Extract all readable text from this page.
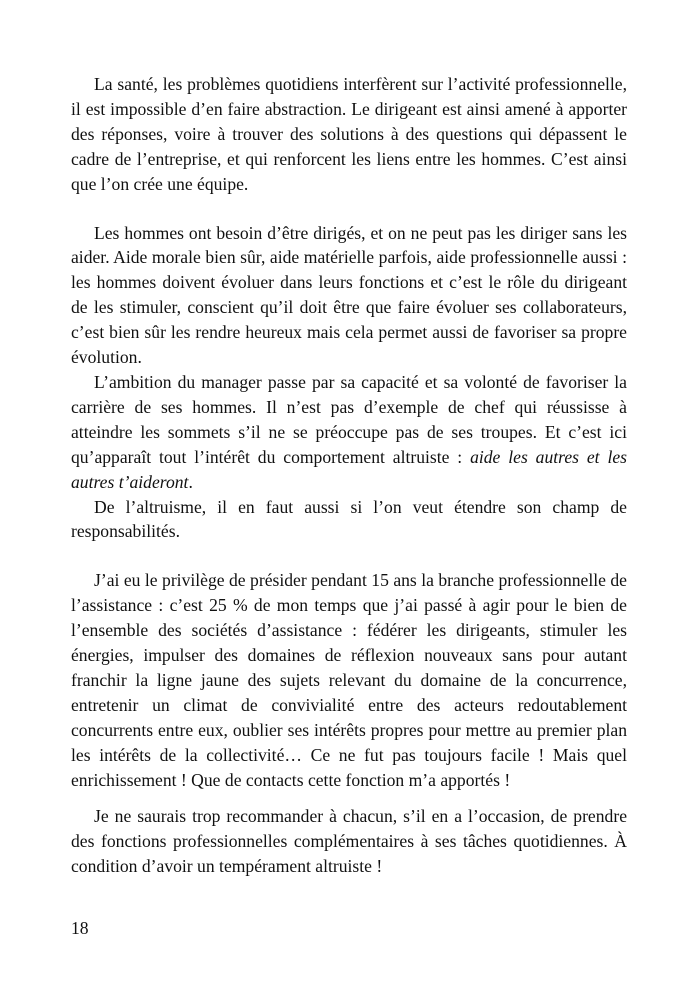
La santé, les problèmes quotidiens interfèrent sur l’activité professionnelle, il est impossible d’en faire abstraction. Le dirigeant est ainsi amené à apporter des réponses, voire à trouver des solutions à des questions qui dépassent le cadre de l’entreprise, et qui renforcent les liens entre les hommes. C’est ainsi que l’on crée une équipe.

Les hommes ont besoin d’être dirigés, et on ne peut pas les diriger sans les aider. Aide morale bien sûr, aide matérielle parfois, aide professionnelle aussi : les hommes doivent évoluer dans leurs fonctions et c’est le rôle du dirigeant de les stimuler, conscient qu’il doit être que faire évoluer ses collaborateurs, c’est bien sûr les rendre heureux mais cela permet aussi de favoriser sa propre évolution.

L’ambition du manager passe par sa capacité et sa volonté de favoriser la carrière de ses hommes. Il n’est pas d’exemple de chef qui réussisse à atteindre les sommets s’il ne se préoccupe pas de ses troupes. Et c’est ici qu’apparaît tout l’intérêt du comportement altruiste : aide les autres et les autres t’aideront.

De l’altruisme, il en faut aussi si l’on veut étendre son champ de responsabilités.

J’ai eu le privilège de présider pendant 15 ans la branche professionnelle de l’assistance : c’est 25 % de mon temps que j’ai passé à agir pour le bien de l’ensemble des sociétés d’assistance : fédérer les dirigeants, stimuler les énergies, impulser des domaines de réflexion nouveaux sans pour autant franchir la ligne jaune des sujets relevant du domaine de la concurrence, entretenir un climat de convivialité entre des acteurs redoutablement concurrents entre eux, oublier ses intérêts propres pour mettre au premier plan les intérêts de la collectivité… Ce ne fut pas toujours facile ! Mais quel enrichissement ! Que de contacts cette fonction m’a apportés !

Je ne saurais trop recommander à chacun, s’il en a l’occasion, de prendre des fonctions professionnelles complémentaires à ses tâches quotidiennes. À condition d’avoir un tempérament altruiste !

18
